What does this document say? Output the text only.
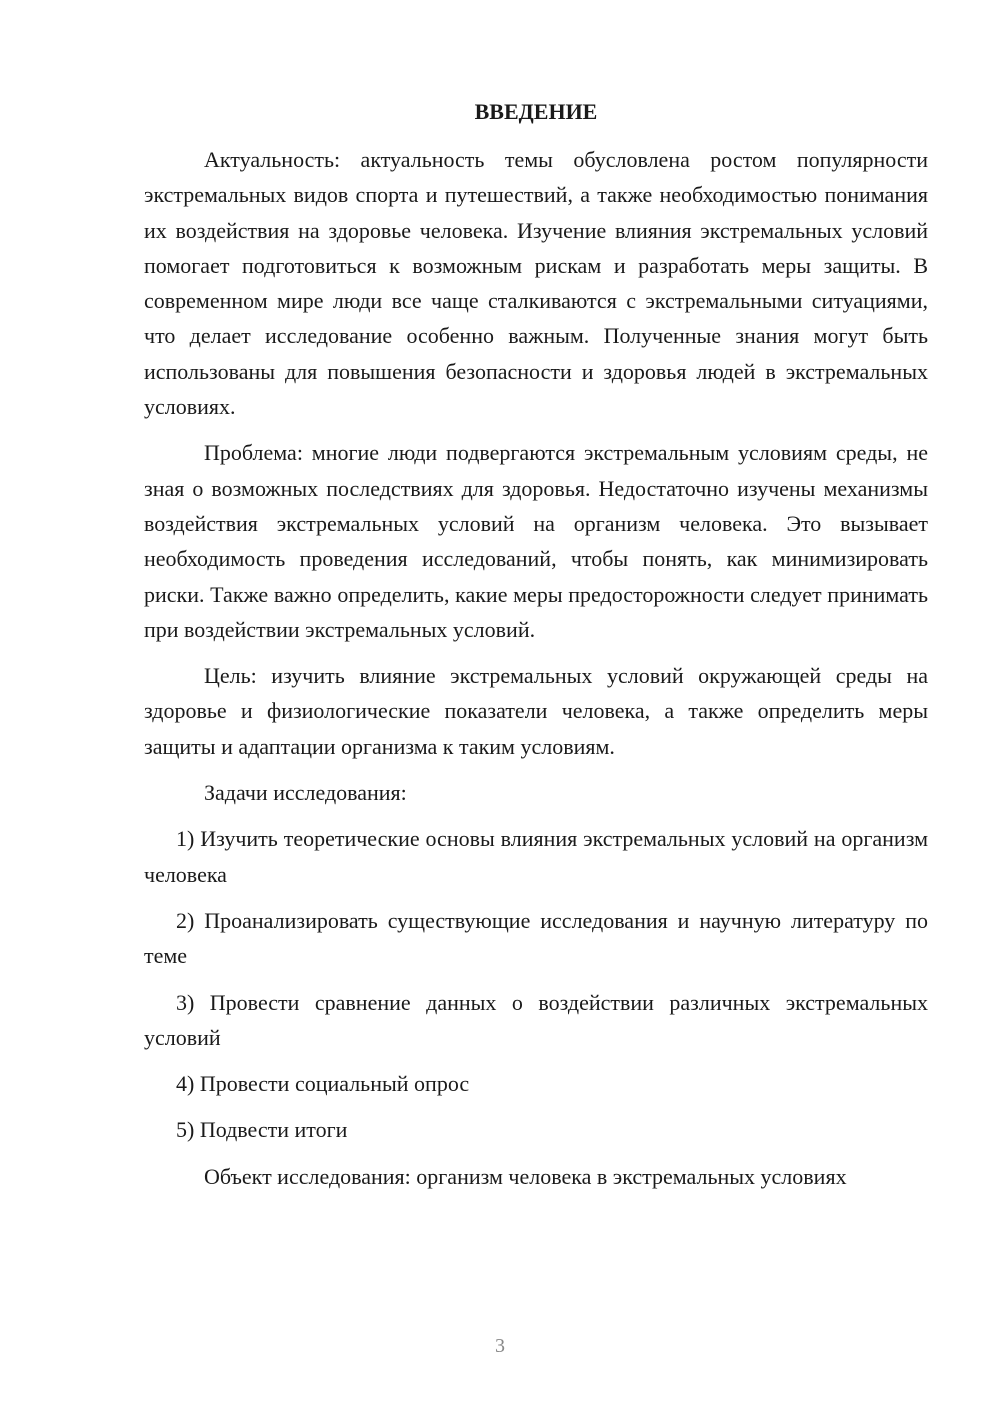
ВВЕДЕНИЕ

Актуальность: актуальность темы обусловлена ростом популярности экстремальных видов спорта и путешествий, а также необходимостью понимания их воздействия на здоровье человека. Изучение влияния экстремальных условий помогает подготовиться к возможным рискам и разработать меры защиты. В современном мире люди все чаще сталкиваются с экстремальными ситуациями, что делает исследование особенно важным. Полученные знания могут быть использованы для повышения безопасности и здоровья людей в экстремальных условиях.

Проблема: многие люди подвергаются экстремальным условиям среды, не зная о возможных последствиях для здоровья. Недостаточно изучены механизмы воздействия экстремальных условий на организм человека. Это вызывает необходимость проведения исследований, чтобы понять, как минимизировать риски. Также важно определить, какие меры предосторожности следует принимать при воздействии экстремальных условий.

Цель: изучить влияние экстремальных условий окружающей среды на здоровье и физиологические показатели человека, а также определить меры защиты и адаптации организма к таким условиям.

Задачи исследования:

1) Изучить теоретические основы влияния экстремальных условий на организм человека

2) Проанализировать существующие исследования и научную литературу по теме

3) Провести сравнение данных о воздействии различных экстремальных условий

4) Провести социальный опрос

5) Подвести итоги

Объект исследования: организм человека в экстремальных условиях

3
